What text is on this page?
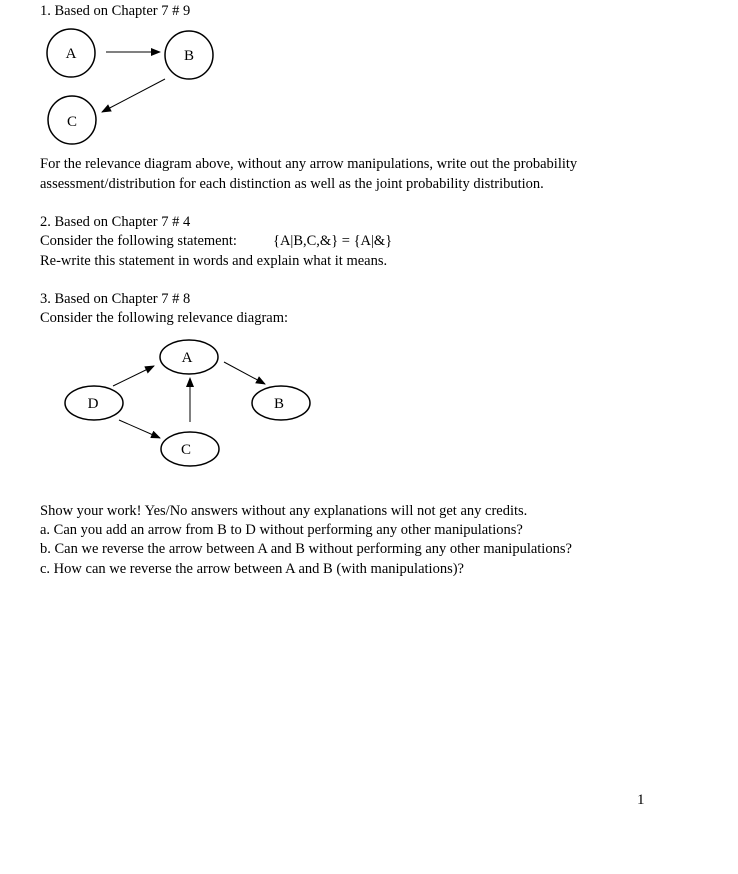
1. Based on Chapter 7 # 9
A	B
C
A
D	B
C
For the relevance diagram above, without any arrow manipulations, write out the probability
assessment/distribution for each distinction as well as the joint probability distribution.
2. Based on Chapter 7 # 4
Consider the following statement: {A|B,C,&} = {A|&}
Re-write this statement in words and explain what it means.
3. Based on Chapter 7 # 8
Consider the following relevance diagram:
Show your work! Yes/No answers without any explanations will not get any credits.
a. Can you add an arrow from B to D without performing any other manipulations?
b. Can we reverse the arrow between A and B without performing any other manipulations?
c. How can we reverse the arrow between A and B (with manipulations)?
1
